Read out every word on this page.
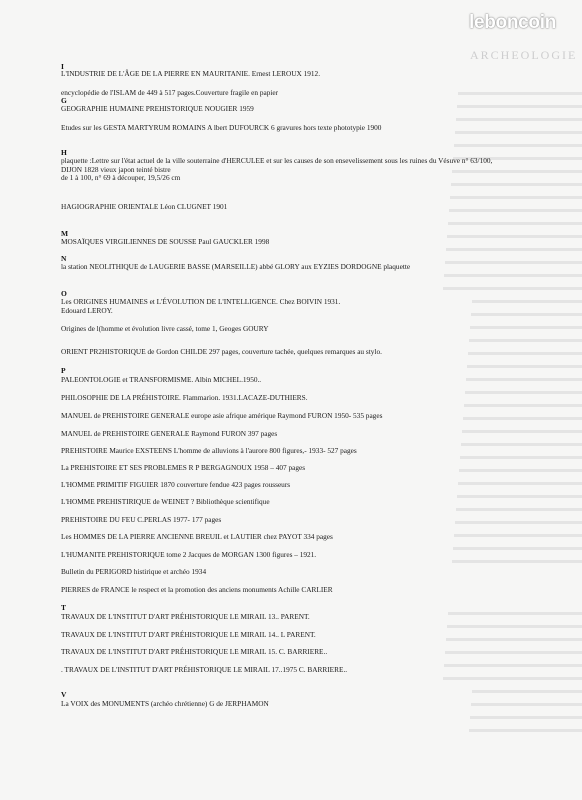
ARCHEOLOGIE
leboncoin
I
L'INDUSTRIE DE L'ÂGE DE LA PIERRE EN MAURITANIE. Ernest LEROUX 1912.
encyclopédie de l'ISLAM de 449 à 517 pages.Couverture fragile en papier
G
GEOGRAPHIE HUMAINE PREHISTORIQUE NOUGIER 1959
Etudes sur les GESTA MARTYRUM ROMAINS A lbert DUFOURCK 6 gravures hors texte phototypie 1900
H
plaquette :Lettre sur l'état actuel de la ville souterraine d'HERCULEE et sur les causes de son ensevelissement sous les ruines du Vésuve n° 63/100,
DIJON 1828 vieux japon teinté bistre
de 1 à 100, n° 69 à découper, 19,5/26 cm
HAGIOGRAPHIE ORIENTALE Léon CLUGNET 1901
M
MOSAÏQUES VIRGILIENNES DE SOUSSE Paul GAUCKLER 1998
N
la station NEOLITHIQUE de LAUGERIE BASSE (MARSEILLE) abbé GLORY aux EYZIES DORDOGNE plaquette
O
Les ORIGINES HUMAINES et L'ÉVOLUTION DE L'INTELLIGENCE. Chez BOIVIN 1931.
Edouard LEROY.
Origines de l(homme et évolution livre cassé, tome 1, Geoges GOURY
ORIENT PR2HISTORIQUE de Gordon CHILDE 297 pages, couverture tachée, quelques remarques au stylo.
P
PALEONTOLOGIE et TRANSFORMISME. Albin MICHEL.1950..
PHILOSOPHIE DE LA PRÉHISTOIRE. Flammarion. 1931.LACAZE-DUTHIERS.
MANUEL de PREHISTOIRE GENERALE europe asie afrique amérique Raymond FURON 1950- 535 pages
MANUEL de PREHISTOIRE GENERALE Raymond FURON 397 pages
PREHISTOIRE Maurice EXSTEENS L'homme de alluvions à l'aurore 800 figures,- 1933- 527 pages
La PREHISTOIRE ET SES PROBLEMES R P BERGAGNOUX 1958 – 407 pages
L'HOMME PRIMITIF FIGUIER 1870 couverture fendue 423 pages rousseurs
L'HOMME PREHISTIRIQUE de WEINET ? Bibliothèque scientifique
PREHISTOIRE DU FEU C.PERLAS 1977- 177 pages
Les HOMMES DE LA PIERRE ANCIENNE BREUIL et LAUTIER chez PAYOT 334 pages
L'HUMANITE PREHISTORIQUE tome 2 Jacques de MORGAN 1300 figures – 1921.
Bulletin du PERIGORD histirique et archéo 1934
PIERRES de FRANCE le respect et la promotion des anciens monuments Achille CARLIER
T
TRAVAUX DE L'INSTITUT D'ART PRÉHISTORIQUE LE MIRAIL 13.. PARENT.
TRAVAUX DE L'INSTITUT D'ART PRÉHISTORIQUE LE MIRAIL 14.. L PARENT.
TRAVAUX DE L'INSTITUT D'ART PRÉHISTORIQUE LE MIRAIL 15. C. BARRIERE..
. TRAVAUX DE L'INSTITUT D'ART PRÉHISTORIQUE LE MIRAIL 17..1975 C. BARRIERE..
V
La VOIX des MONUMENTS (archéo chrétienne) G de JERPHAMON
